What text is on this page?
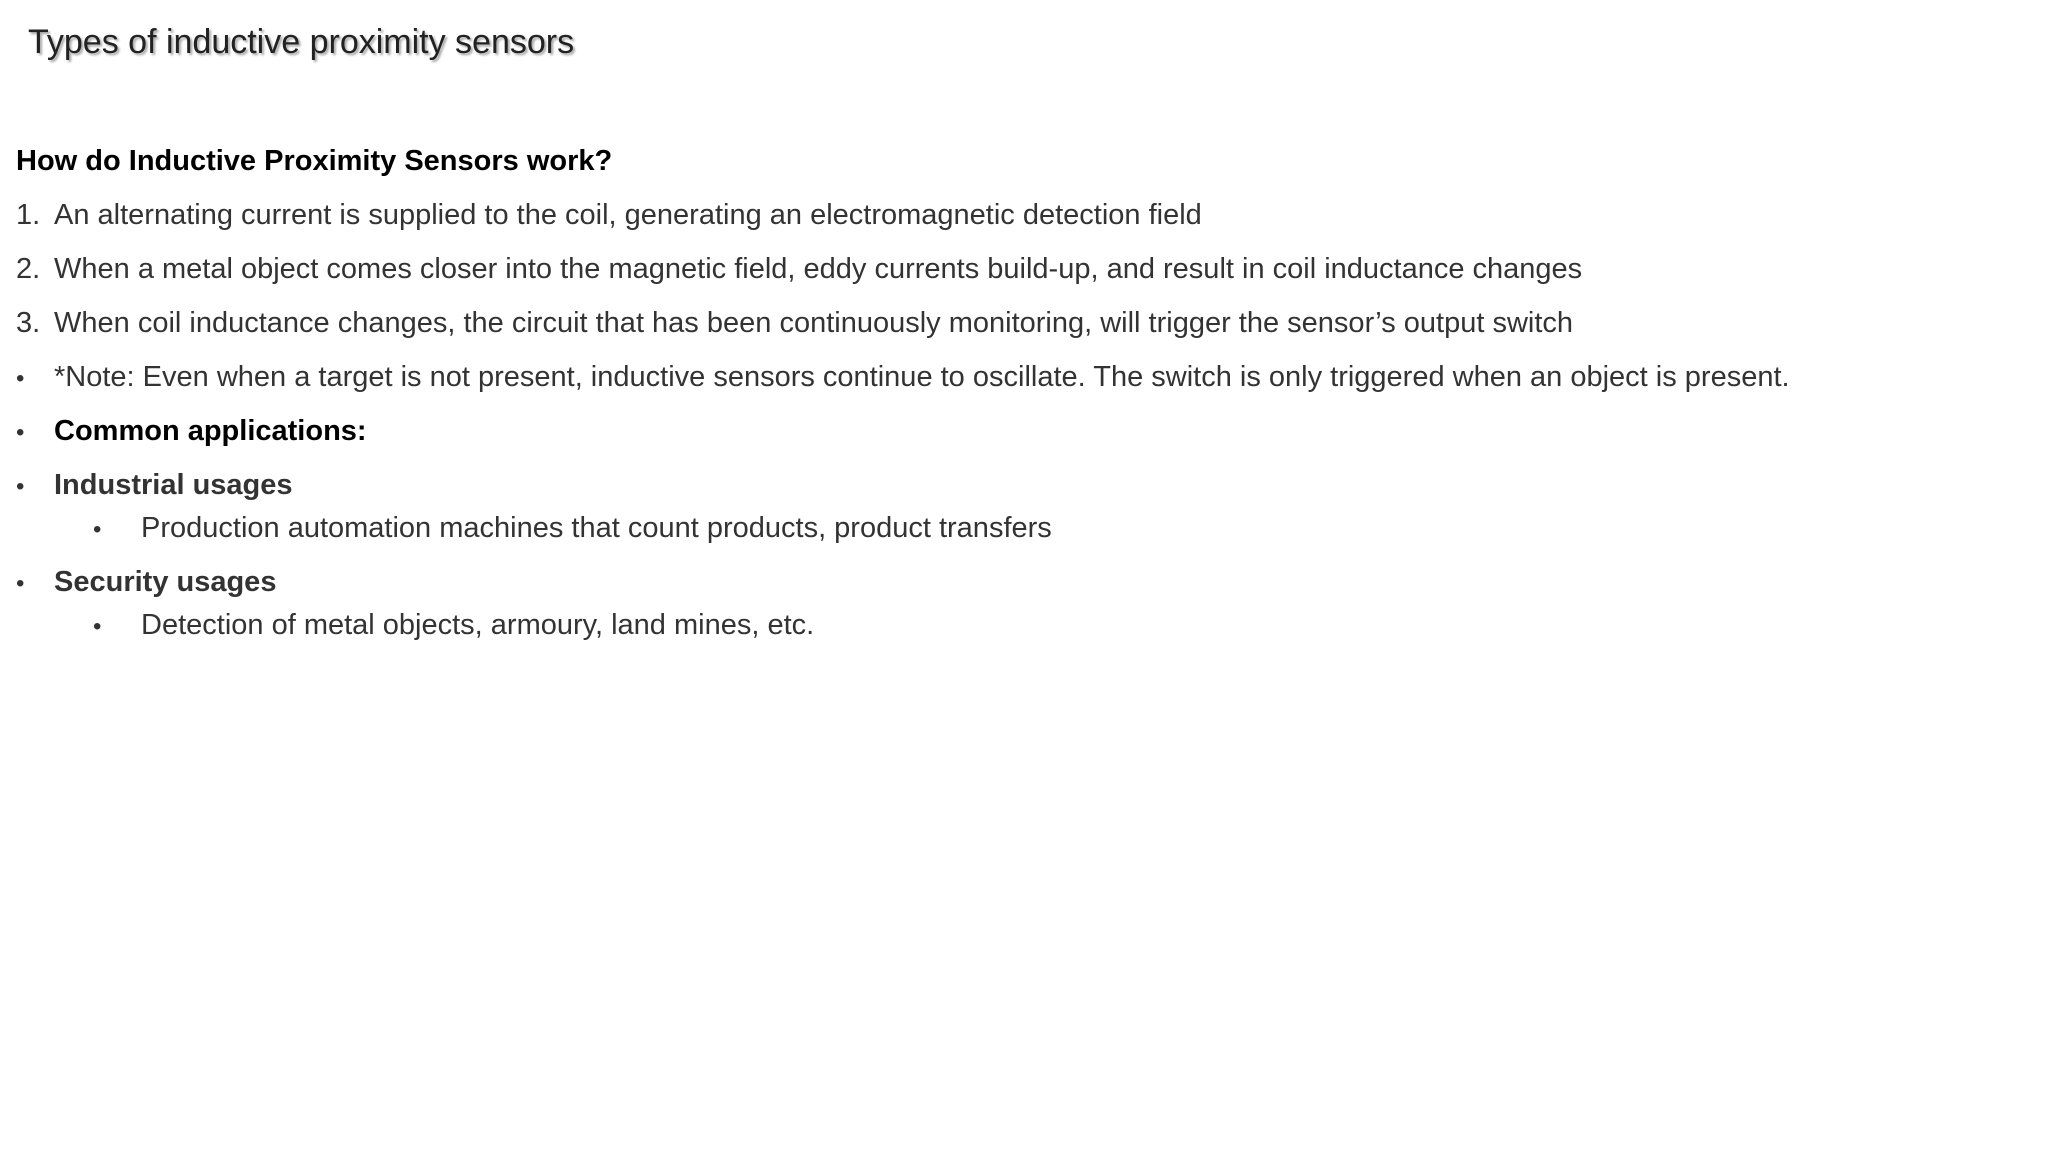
Types of inductive proximity sensors

How do Inductive Proximity Sensors work?

1. An alternating current is supplied to the coil, generating an electromagnetic detection field
2. When a metal object comes closer into the magnetic field, eddy currents build-up, and result in coil inductance changes
3. When coil inductance changes, the circuit that has been continuously monitoring, will trigger the sensor’s output switch
•	*Note: Even when a target is not present, inductive sensors continue to oscillate. The switch is only triggered when an object is present.
•	Common applications:
•	Industrial usages
•	Production automation machines that count products, product transfers
•	Security usages
•	Detection of metal objects, armoury, land mines, etc.
